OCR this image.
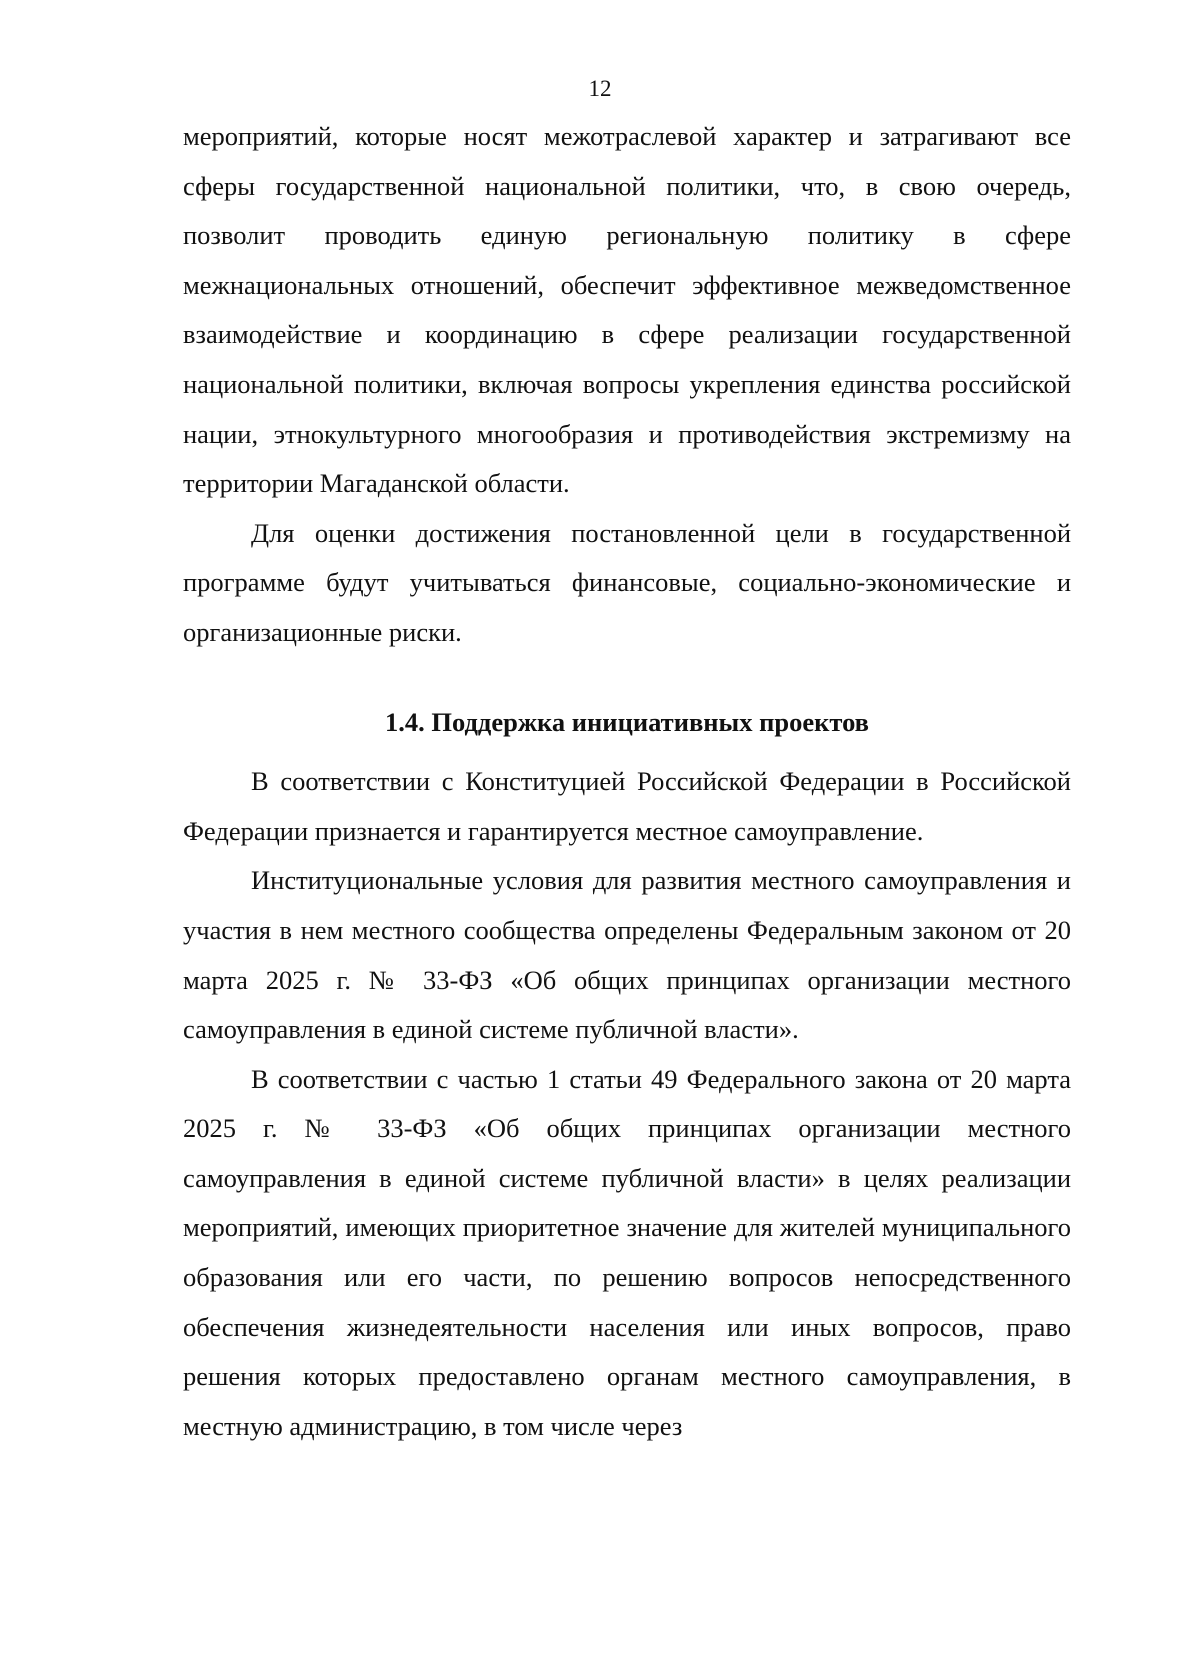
12

мероприятий, которые носят межотраслевой характер и затрагивают все сферы государственной национальной политики, что, в свою очередь, позволит проводить единую региональную политику в сфере межнациональных отношений, обеспечит эффективное межведомственное взаимодействие и координацию в сфере реализации государственной национальной политики, включая вопросы укрепления единства российской нации, этнокультурного многообразия и противодействия экстремизму на территории Магаданской области.

Для оценки достижения постановленной цели в государственной программе будут учитываться финансовые, социально-экономические и организационные риски.

1.4. Поддержка инициативных проектов

В соответствии с Конституцией Российской Федерации в Российской Федерации признается и гарантируется местное самоуправление.

Институциональные условия для развития местного самоуправления и участия в нем местного сообщества определены Федеральным законом от 20 марта 2025 г. № 33-ФЗ «Об общих принципах организации местного самоуправления в единой системе публичной власти».

В соответствии с частью 1 статьи 49 Федерального закона от 20 марта 2025 г. № 33-ФЗ «Об общих принципах организации местного самоуправления в единой системе публичной власти» в целях реализации мероприятий, имеющих приоритетное значение для жителей муниципального образования или его части, по решению вопросов непосредственного обеспечения жизнедеятельности населения или иных вопросов, право решения которых предоставлено органам местного самоуправления, в местную администрацию, в том числе через
